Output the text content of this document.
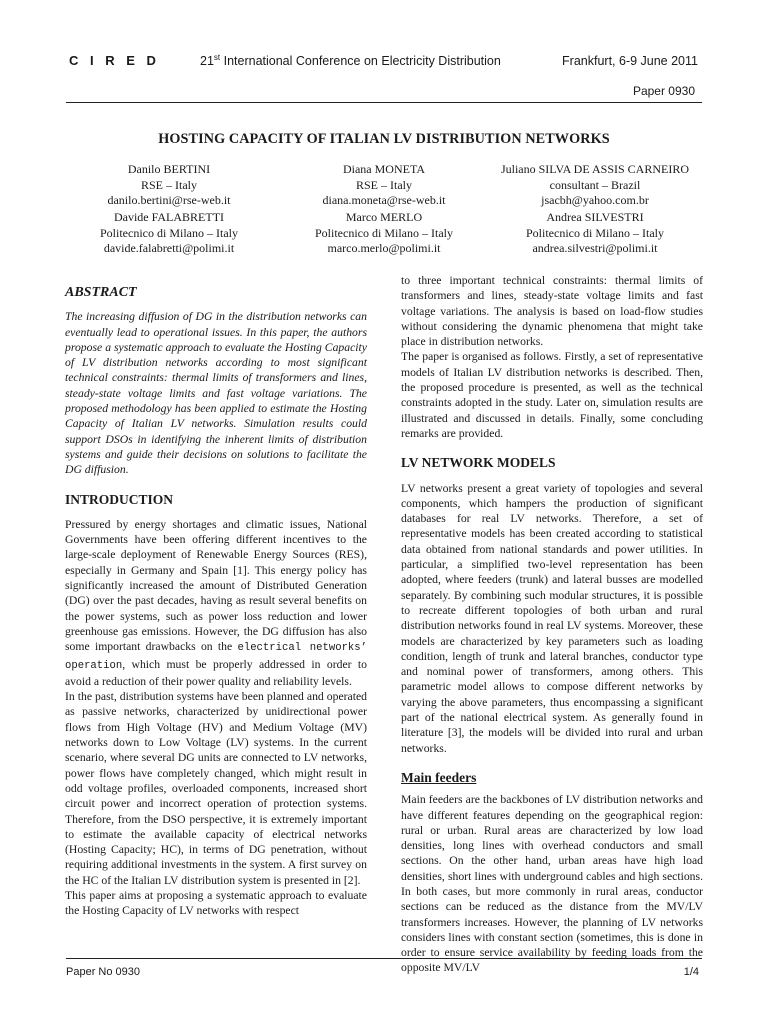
C I R E D	21st International Conference on Electricity Distribution	Frankfurt, 6-9 June 2011
Paper 0930
HOSTING CAPACITY OF ITALIAN LV DISTRIBUTION NETWORKS
Danilo BERTINI
RSE – Italy
danilo.bertini@rse-web.it
Diana MONETA
RSE – Italy
diana.moneta@rse-web.it
Juliano SILVA DE ASSIS CARNEIRO
consultant – Brazil
jsacbh@yahoo.com.br
Davide FALABRETTI
Politecnico di Milano – Italy
davide.falabretti@polimi.it
Marco MERLO
Politecnico di Milano – Italy
marco.merlo@polimi.it
Andrea SILVESTRI
Politecnico di Milano – Italy
andrea.silvestri@polimi.it
ABSTRACT

The increasing diffusion of DG in the distribution networks can eventually lead to operational issues. In this paper, the authors propose a systematic approach to evaluate the Hosting Capacity of LV distribution networks according to most significant technical constraints: thermal limits of transformers and lines, steady-state voltage limits and fast voltage variations. The proposed methodology has been applied to estimate the Hosting Capacity of Italian LV networks. Simulation results could support DSOs in identifying the inherent limits of distribution systems and guide their decisions on solutions to facilitate the DG diffusion.

INTRODUCTION

Pressured by energy shortages and climatic issues, National Governments have been offering different incentives to the large-scale deployment of Renewable Energy Sources (RES), especially in Germany and Spain [1]. This energy policy has significantly increased the amount of Distributed Generation (DG) over the past decades, having as result several benefits on the power systems, such as power loss reduction and lower greenhouse gas emissions. However, the DG diffusion has also some important drawbacks on the electrical networks’ operation, which must be properly addressed in order to avoid a reduction of their power quality and reliability levels.

In the past, distribution systems have been planned and operated as passive networks, characterized by unidirectional power flows from High Voltage (HV) and Medium Voltage (MV) networks down to Low Voltage (LV) systems. In the current scenario, where several DG units are connected to LV networks, power flows have completely changed, which might result in odd voltage profiles, overloaded components, increased short circuit power and incorrect operation of protection systems. Therefore, from the DSO perspective, it is extremely important to estimate the available capacity of electrical networks (Hosting Capacity; HC), in terms of DG penetration, without requiring additional investments in the system. A first survey on the HC of the Italian LV distribution system is presented in [2].

This paper aims at proposing a systematic approach to evaluate the Hosting Capacity of LV networks with respect

to three important technical constraints: thermal limits of transformers and lines, steady-state voltage limits and fast voltage variations. The analysis is based on load-flow studies without considering the dynamic phenomena that might take place in distribution networks.

The paper is organised as follows. Firstly, a set of representative models of Italian LV distribution networks is described. Then, the proposed procedure is presented, as well as the technical constraints adopted in the study. Later on, simulation results are illustrated and discussed in details. Finally, some concluding remarks are provided.

LV NETWORK MODELS

LV networks present a great variety of topologies and several components, which hampers the production of significant databases for real LV networks. Therefore, a set of representative models has been created according to statistical data obtained from national standards and power utilities. In particular, a simplified two-level representation has been adopted, where feeders (trunk) and lateral busses are modelled separately. By combining such modular structures, it is possible to recreate different topologies of both urban and rural distribution networks found in real LV systems. Moreover, these models are characterized by key parameters such as loading condition, length of trunk and lateral branches, conductor type and nominal power of transformers, among others. This parametric model allows to compose different networks by varying the above parameters, thus encompassing a significant part of the national electrical system. As generally found in literature [3], the models will be divided into rural and urban networks.

Main feeders

Main feeders are the backbones of LV distribution networks and have different features depending on the geographical region: rural or urban. Rural areas are characterized by low load densities, long lines with overhead conductors and small sections. On the other hand, urban areas have high load densities, short lines with underground cables and high sections. In both cases, but more commonly in rural areas, conductor sections can be reduced as the distance from the MV/LV transformers increases. However, the planning of LV networks considers lines with constant section (sometimes, this is done in order to ensure service availability by feeding loads from the opposite MV/LV

Paper No 0930	1/4
